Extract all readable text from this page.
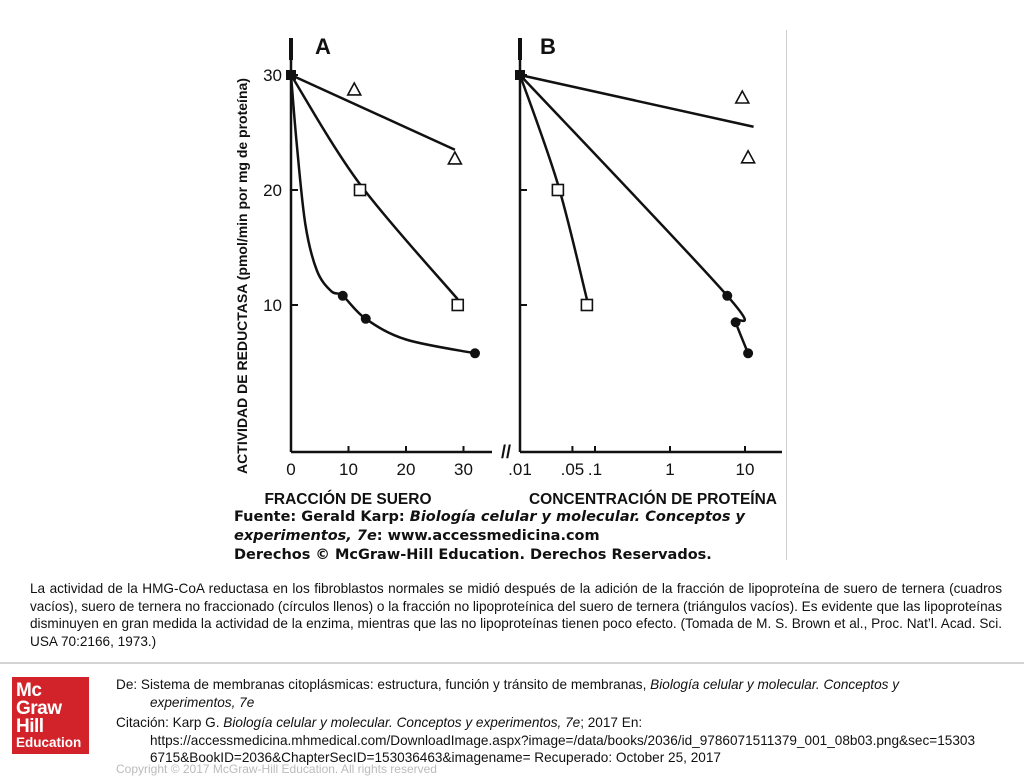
//
A	B
10
20
30
0	10 20 30 .01 .05 .1	1	10
ACTIVIDAD DE REDUCTASA (pmol/min por mg de proteína)
FRACCIÓN DE SUERO	CONCENTRACIÓN DE PROTEÍNA
Fuente: Gerald Karp: Biología celular y molecular. Conceptos y experimentos, 7e: www.accessmedicina.com
Derechos © McGraw-Hill Education. Derechos Reservados.
La actividad de la HMG-CoA reductasa en los fibroblastos normales se midió después de la adición de la fracción de lipoproteína de suero de ternera (cuadros vacíos), suero de ternera no fraccionado (círculos llenos) o la fracción no lipoproteínica del suero de ternera (triángulos vacíos). Es evidente que las lipoproteínas disminuyen en gran medida la actividad de la enzima, mientras que las no lipoproteínas tienen poco efecto. (Tomada de M. S. Brown et al., Proc. Nat’l. Acad. Sci. USA 70:2166, 1973.)
Mc
Graw
Hill
Education

De: Sistema de membranas citoplásmicas: estructura, función y tránsito de membranas, Biología celular y molecular. Conceptos y

experimentos, 7e

Citación: Karp G. Biología celular y molecular. Conceptos y experimentos, 7e; 2017 En:

https://accessmedicina.mhmedical.com/DownloadImage.aspx?image=/data/books/2036/id_9786071511379_001_08b03.png&sec=15303

6715&BookID=2036&ChapterSecID=153036463&imagename= Recuperado: October 25, 2017

Copyright © 2017 McGraw-Hill Education. All rights reserved
